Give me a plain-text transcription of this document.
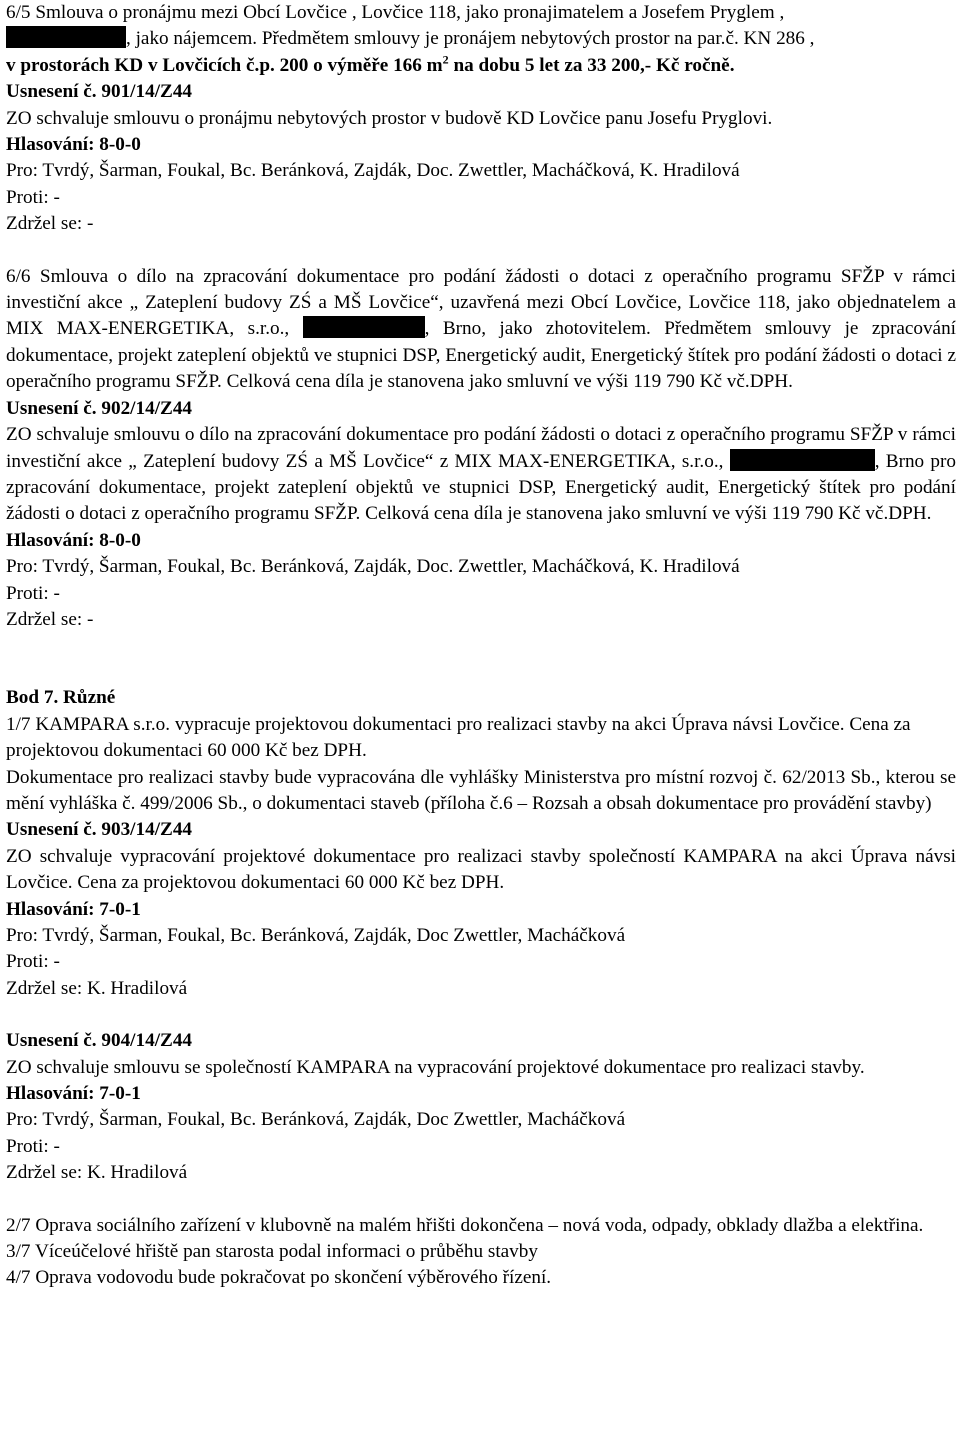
6/5 Smlouva o pronájmu mezi Obcí Lovčice , Lovčice 118, jako pronajimatelem a Josefem Pryglem ,

, jako nájemcem. Předmětem smlouvy je pronájem nebytových prostor na par.č. KN 286 ,

v prostorách KD v Lovčicích č.p. 200 o výměře 166 $m^2$ na dobu 5 let za 33 200,- Kč ročně.

Usnesení č. 901/14/Z44

ZO schvaluje smlouvu o pronájmu nebytových prostor v budově KD Lovčice panu Josefu Pryglovi.

Hlasování: 8-0-0

Pro: Tvrdý, Šarman, Foukal, Bc. Beránková, Zajdák, Doc. Zwettler, Macháčková, K. Hradilová

Proti: -

Zdržel se: -

6/6 Smlouva o dílo na zpracování dokumentace pro podání žádosti o dotaci z operačního programu SFŽP v rámci investiční akce „ Zateplení budovy ZŚ a MŠ Lovčice“, uzavřená mezi Obcí Lovčice, Lovčice 118, jako objednatelem a MIX MAX-ENERGETIKA, s.r.o.,	, Brno, jako zhotovitelem. Předmětem smlouvy je zpracování dokumentace, projekt zateplení objektů ve stupnici DSP, Energetický audit, Energetický štítek pro podání žádosti o dotaci z operačního programu SFŽP. Celková cena díla je stanovena jako smluvní ve výši 119 790 Kč vč.DPH.

Usnesení č. 902/14/Z44

ZO schvaluje smlouvu o dílo na zpracování dokumentace pro podání žádosti o dotaci z operačního programu SFŽP v rámci investiční akce „ Zateplení budovy ZŚ a MŠ Lovčice“ z MIX MAX-ENERGETIKA, s.r.o.,	, Brno pro zpracování dokumentace, projekt zateplení objektů ve stupnici DSP, Energetický audit, Energetický štítek pro podání žádosti o dotaci z operačního programu SFŽP. Celková cena díla je stanovena jako smluvní ve výši 119 790 Kč vč.DPH.

Hlasování: 8-0-0

Pro: Tvrdý, Šarman, Foukal, Bc. Beránková, Zajdák, Doc. Zwettler, Macháčková, K. Hradilová

Proti: -

Zdržel se: -

Bod 7. Různé

1/7 KAMPARA s.r.o. vypracuje projektovou dokumentaci pro realizaci stavby na akci Úprava návsi Lovčice. Cena za projektovou dokumentaci 60 000 Kč bez DPH.

Dokumentace pro realizaci stavby bude vypracována dle vyhlášky Ministerstva pro místní rozvoj č. 62/2013 Sb., kterou se mění vyhláška č. 499/2006 Sb., o dokumentaci staveb (příloha č.6 – Rozsah a obsah dokumentace pro provádění stavby)

Usnesení č. 903/14/Z44

ZO schvaluje vypracování projektové dokumentace pro realizaci stavby společností KAMPARA na akci Úprava návsi Lovčice. Cena za projektovou dokumentaci 60 000 Kč bez DPH.

Hlasování: 7-0-1

Pro: Tvrdý, Šarman, Foukal, Bc. Beránková, Zajdák, Doc Zwettler, Macháčková

Proti: -

Zdržel se: K. Hradilová

Usnesení č. 904/14/Z44

ZO schvaluje smlouvu se společností KAMPARA na vypracování projektové dokumentace pro realizaci stavby.

Hlasování: 7-0-1

Pro: Tvrdý, Šarman, Foukal, Bc. Beránková, Zajdák, Doc Zwettler, Macháčková

Proti: -

Zdržel se: K. Hradilová

2/7 Oprava sociálního zařízení v klubovně na malém hřišti dokončena – nová voda, odpady, obklady dlažba a elektřina.

3/7 Víceúčelové hřiště pan starosta podal informaci o průběhu stavby

4/7 Oprava vodovodu bude pokračovat po skončení výběrového řízení.
